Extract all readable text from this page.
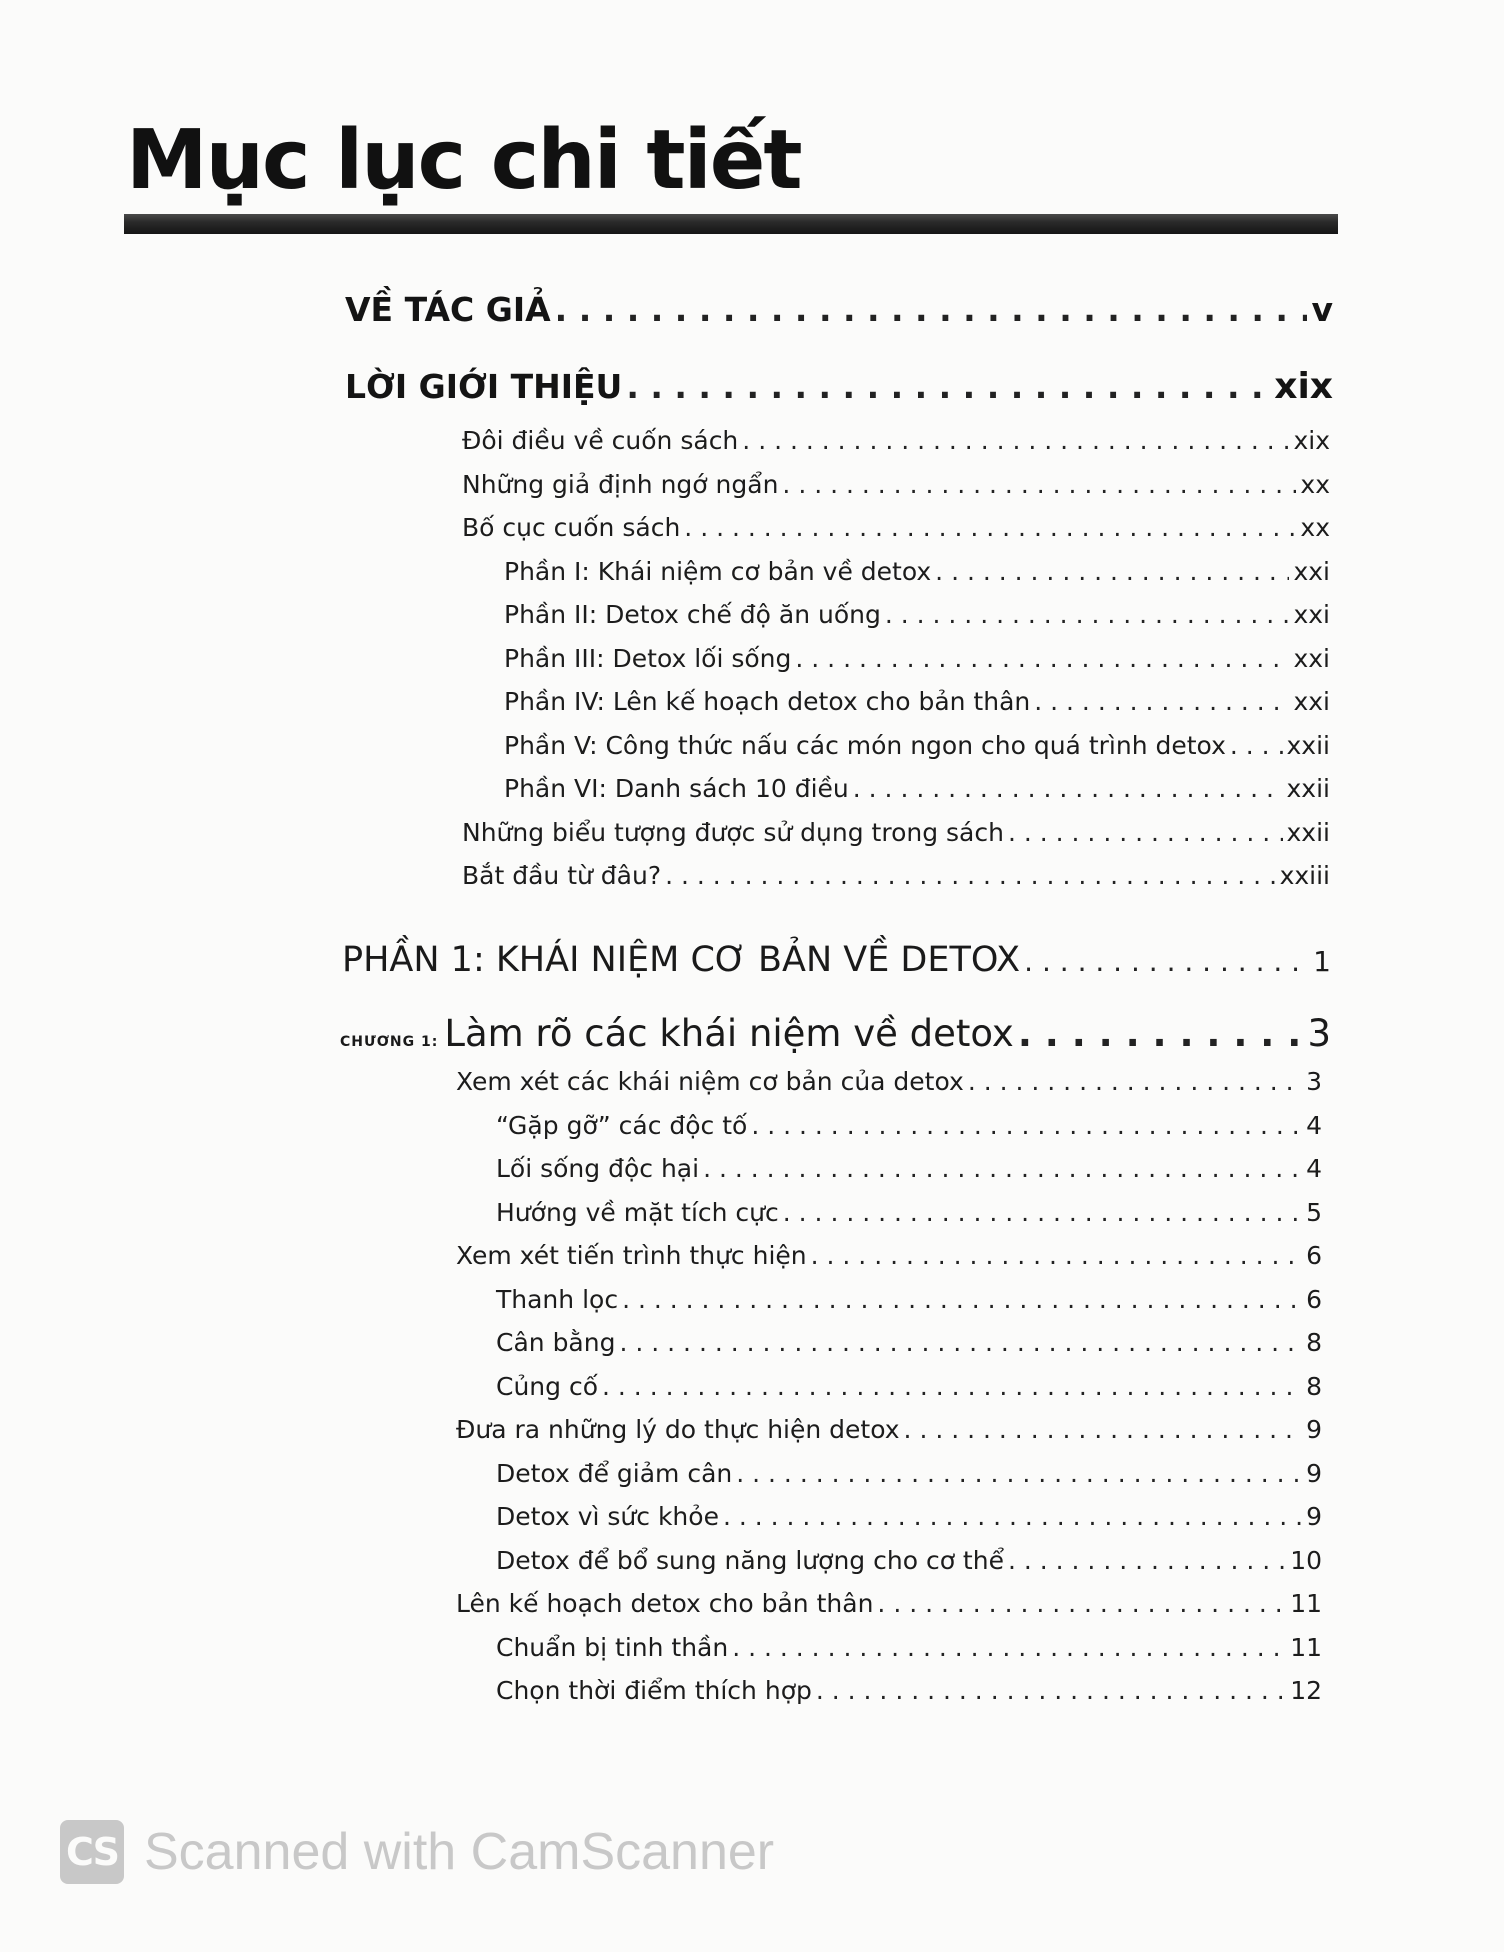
Mục lục chi tiết
VỀ TÁC GIẢ . . .	v
LỜI GIỚI THIỆU . . .	xix
Đôi điều về cuốn sách . . .	xix
Những giả định ngớ ngẩn . . .	xx
Bố cục cuốn sách . . .	xx
Phần I: Khái niệm cơ bản về detox . . .	xxi
Phần II: Detox chế độ ăn uống . . .	xxi
Phần III: Detox lối sống . . .	xxi
Phần IV: Lên kế hoạch detox cho bản thân . . .	xxi
Phần V: Công thức nấu các món ngon cho quá trình detox . . . xxii
Phần VI: Danh sách 10 điều . . .	xxii
Những biểu tượng được sử dụng trong sách . . .	xxii
Bắt đầu từ đâu? . . .	xxiii
PHẦN 1: KHÁI NIỆM CƠ BẢN VỀ DETOX . . .	1
CHƯƠNG 1: Làm rõ các khái niệm về detox . . .	3
Xem xét các khái niệm cơ bản của detox . . .	3
“Gặp gỡ” các độc tố . . .	4
Lối sống độc hại . . .	4
Hướng về mặt tích cực . . .	5
Xem xét tiến trình thực hiện . . .	6
Thanh lọc . . .	6
Cân bằng . . .	8
Củng cố . . .	8
Đưa ra những lý do thực hiện detox . . .	9
Detox để giảm cân . . .	9
Detox vì sức khỏe . . .	9
Detox để bổ sung năng lượng cho cơ thể . . .	10
Lên kế hoạch detox cho bản thân . . .	11
Chuẩn bị tinh thần . . .	11
Chọn thời điểm thích hợp . . .	12
CS Scanned with CamScanner
